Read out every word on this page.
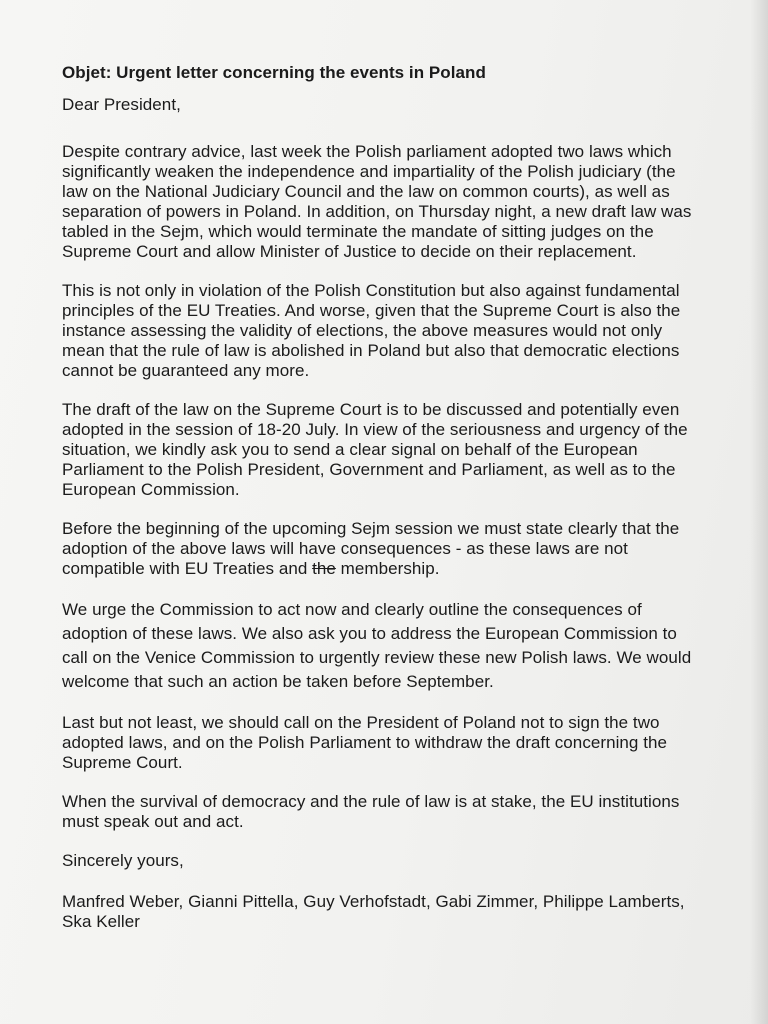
Objet: Urgent letter concerning the events in Poland
Dear President,
Despite contrary advice, last week the Polish parliament adopted two laws which
significantly weaken the independence and impartiality of the Polish judiciary (the
law on the National Judiciary Council and the law on common courts), as well as
separation of powers in Poland. In addition, on Thursday night, a new draft law was
tabled in the Sejm, which would terminate the mandate of sitting judges on the
Supreme Court and allow Minister of Justice to decide on their replacement.
This is not only in violation of the Polish Constitution but also against fundamental
principles of the EU Treaties. And worse, given that the Supreme Court is also the
instance assessing the validity of elections, the above measures would not only
mean that the rule of law is abolished in Poland but also that democratic elections
cannot be guaranteed any more.
The draft of the law on the Supreme Court is to be discussed and potentially even
adopted in the session of 18-20 July. In view of the seriousness and urgency of the
situation, we kindly ask you to send a clear signal on behalf of the European
Parliament to the Polish President, Government and Parliament, as well as to the
European Commission.
Before the beginning of the upcoming Sejm session we must state clearly that the
adoption of the above laws will have consequences - as these laws are not
compatible with EU Treaties and the membership.
We urge the Commission to act now and clearly outline the consequences of
adoption of these laws. We also ask you to address the European Commission to
call on the Venice Commission to urgently review these new Polish laws. We would
welcome that such an action be taken before September.
Last but not least, we should call on the President of Poland not to sign the two
adopted laws, and on the Polish Parliament to withdraw the draft concerning the
Supreme Court.
When the survival of democracy and the rule of law is at stake, the EU institutions
must speak out and act.
Sincerely yours,
Manfred Weber, Gianni Pittella, Guy Verhofstadt, Gabi Zimmer, Philippe Lamberts,
Ska Keller
